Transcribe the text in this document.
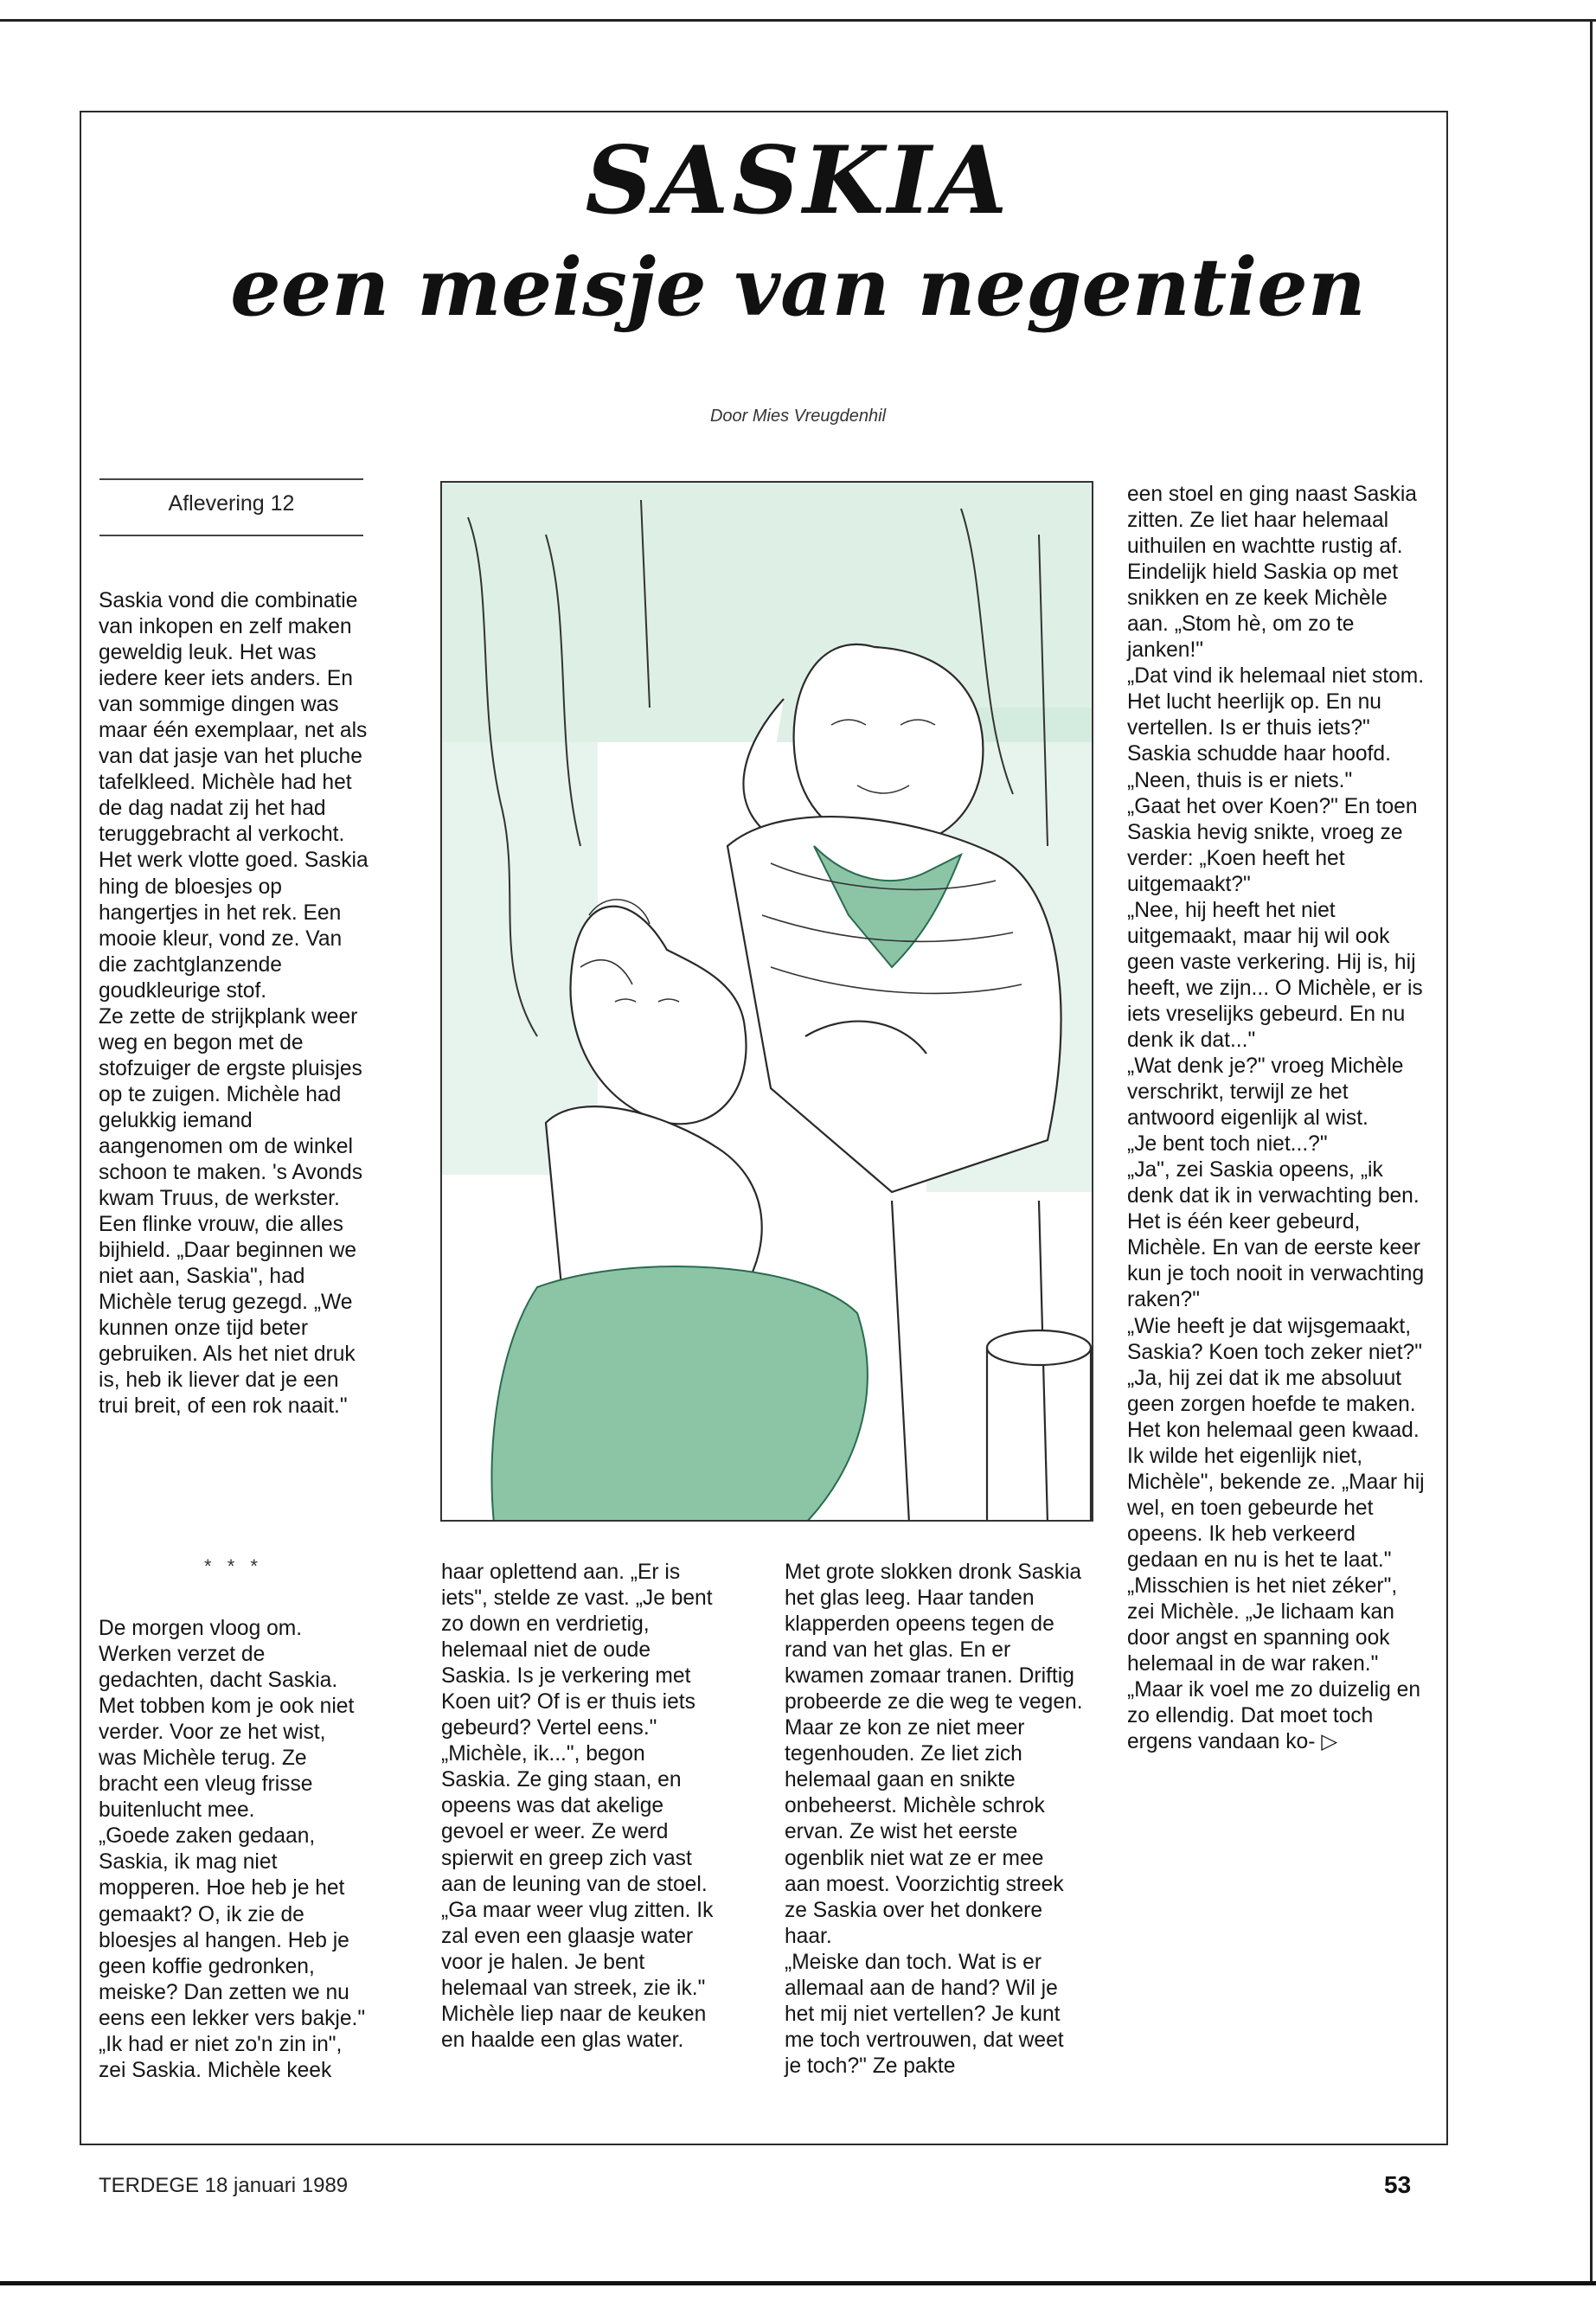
SASKIA
een meisje van negentien
Door Mies Vreugdenhil
Aflevering 12

Saskia vond die combinatie van inkopen en zelf maken geweldig leuk. Het was iedere keer iets anders. En van sommige dingen was maar één exemplaar, net als van dat jasje van het pluche tafelkleed. Michèle had het de dag nadat zij het had teruggebracht al verkocht.

Het werk vlotte goed. Saskia hing de bloesjes op hangertjes in het rek. Een mooie kleur, vond ze. Van die zachtglanzende goudkleurige stof.

Ze zette de strijkplank weer weg en begon met de stofzuiger de ergste pluisjes op te zuigen. Michèle had gelukkig iemand aangenomen om de winkel schoon te maken. 's Avonds kwam Truus, de werkster. Een flinke vrouw, die alles bijhield. „Daar beginnen we niet aan, Saskia", had Michèle terug gezegd. „We kunnen onze tijd beter gebruiken. Als het niet druk is, heb ik liever dat je een trui breit, of een rok naait."

* * *

De morgen vloog om. Werken verzet de gedachten, dacht Saskia. Met tobben kom je ook niet verder. Voor ze het wist, was Michèle terug. Ze bracht een vleug frisse buitenlucht mee.

„Goede zaken gedaan, Saskia, ik mag niet mopperen. Hoe heb je het gemaakt? O, ik zie de bloesjes al hangen. Heb je geen koffie gedronken, meiske? Dan zetten we nu eens een lekker vers bakje."

„Ik had er niet zo'n zin in", zei Saskia. Michèle keek

haar oplettend aan. „Er is iets", stelde ze vast. „Je bent zo down en verdrietig, helemaal niet de oude Saskia. Is je verkering met Koen uit? Of is er thuis iets gebeurd? Vertel eens."

„Michèle, ik...", begon Saskia. Ze ging staan, en opeens was dat akelige gevoel er weer. Ze werd spierwit en greep zich vast aan de leuning van de stoel.

„Ga maar weer vlug zitten. Ik zal even een glaasje water voor je halen. Je bent helemaal van streek, zie ik." Michèle liep naar de keuken en haalde een glas water.

Met grote slokken dronk Saskia het glas leeg. Haar tanden klapperden opeens tegen de rand van het glas. En er kwamen zomaar tranen. Driftig probeerde ze die weg te vegen. Maar ze kon ze niet meer tegenhouden. Ze liet zich helemaal gaan en snikte onbeheerst. Michèle schrok ervan. Ze wist het eerste ogenblik niet wat ze er mee aan moest. Voorzichtig streek ze Saskia over het donkere haar.

„Meiske dan toch. Wat is er allemaal aan de hand? Wil je het mij niet vertellen? Je kunt me toch vertrouwen, dat weet je toch?" Ze pakte

een stoel en ging naast Saskia zitten. Ze liet haar helemaal uithuilen en wachtte rustig af.

Eindelijk hield Saskia op met snikken en ze keek Michèle aan. „Stom hè, om zo te janken!"

„Dat vind ik helemaal niet stom. Het lucht heerlijk op. En nu vertellen. Is er thuis iets?"

Saskia schudde haar hoofd. „Neen, thuis is er niets."

„Gaat het over Koen?" En toen Saskia hevig snikte, vroeg ze verder: „Koen heeft het uitgemaakt?"

„Nee, hij heeft het niet uitgemaakt, maar hij wil ook geen vaste verkering. Hij is, hij heeft, we zijn... O Michèle, er is iets vreselijks gebeurd. En nu denk ik dat..."

„Wat denk je?" vroeg Michèle verschrikt, terwijl ze het antwoord eigenlijk al wist.

„Je bent toch niet...?"

„Ja", zei Saskia opeens, „ik denk dat ik in verwachting ben. Het is één keer gebeurd, Michèle. En van de eerste keer kun je toch nooit in verwachting raken?"

„Wie heeft je dat wijsgemaakt, Saskia? Koen toch zeker niet?"

„Ja, hij zei dat ik me absoluut geen zorgen hoefde te maken. Het kon helemaal geen kwaad. Ik wilde het eigenlijk niet, Michèle", bekende ze. „Maar hij wel, en toen gebeurde het opeens. Ik heb verkeerd gedaan en nu is het te laat."

„Misschien is het niet zéker", zei Michèle. „Je lichaam kan door angst en spanning ook helemaal in de war raken."

„Maar ik voel me zo duizelig en zo ellendig. Dat moet toch ergens vandaan ko- ▷

TERDEGE 18 januari 1989	53
